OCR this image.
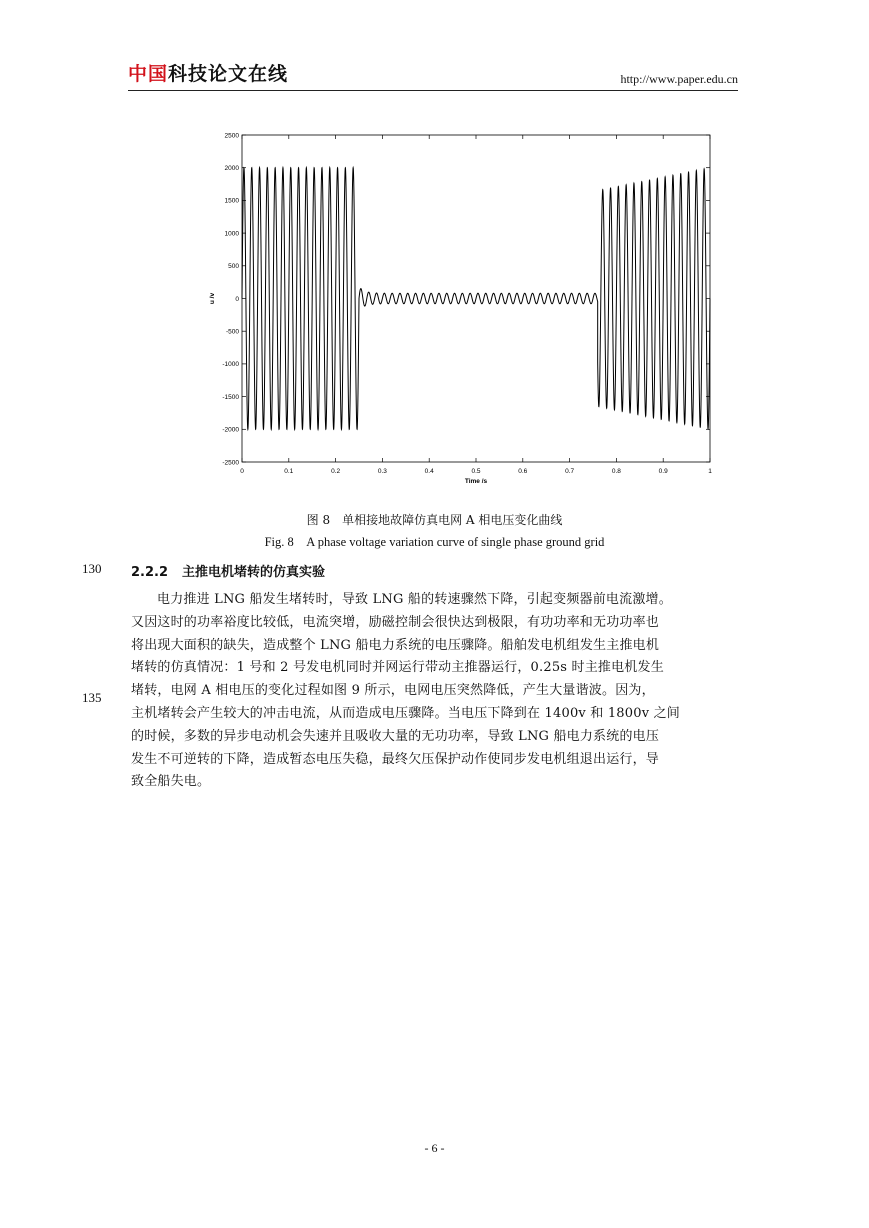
中国科技论文在线	http://www.paper.edu.cn
0	0.1	0.2	0.3	0.4	0.5	0.6	0.7	0.8	0.9	1
2500
2000
1500
1000
500
0
-500
-1000
-1500
-2000
-2500
Time /s
u /v
图 8　单相接地故障仿真电网 A 相电压变化曲线
Fig. 8　A phase voltage variation curve of single phase ground grid
130 2.2.2 主推电机堵转的仿真实验
135
电力推进 LNG 船发生堵转时，导致 LNG 船的转速骤然下降，引起变频器前电流激增。
又因这时的功率裕度比较低，电流突增，励磁控制会很快达到极限，有功功率和无功功率也
将出现大面积的缺失，造成整个 LNG 船电力系统的电压骤降。船舶发电机组发生主推电机
堵转的仿真情况：1 号和 2 号发电机同时并网运行带动主推器运行，0.25s 时主推电机发生
堵转，电网 A 相电压的变化过程如图 9 所示，电网电压突然降低，产生大量谐波。因为，
主机堵转会产生较大的冲击电流，从而造成电压骤降。当电压下降到在 1400v 和 1800v 之间
的时候，多数的异步电动机会失速并且吸收大量的无功功率，导致 LNG 船电力系统的电压
发生不可逆转的下降，造成暂态电压失稳，最终欠压保护动作使同步发电机组退出运行，导
致全船失电。
- 6 -
